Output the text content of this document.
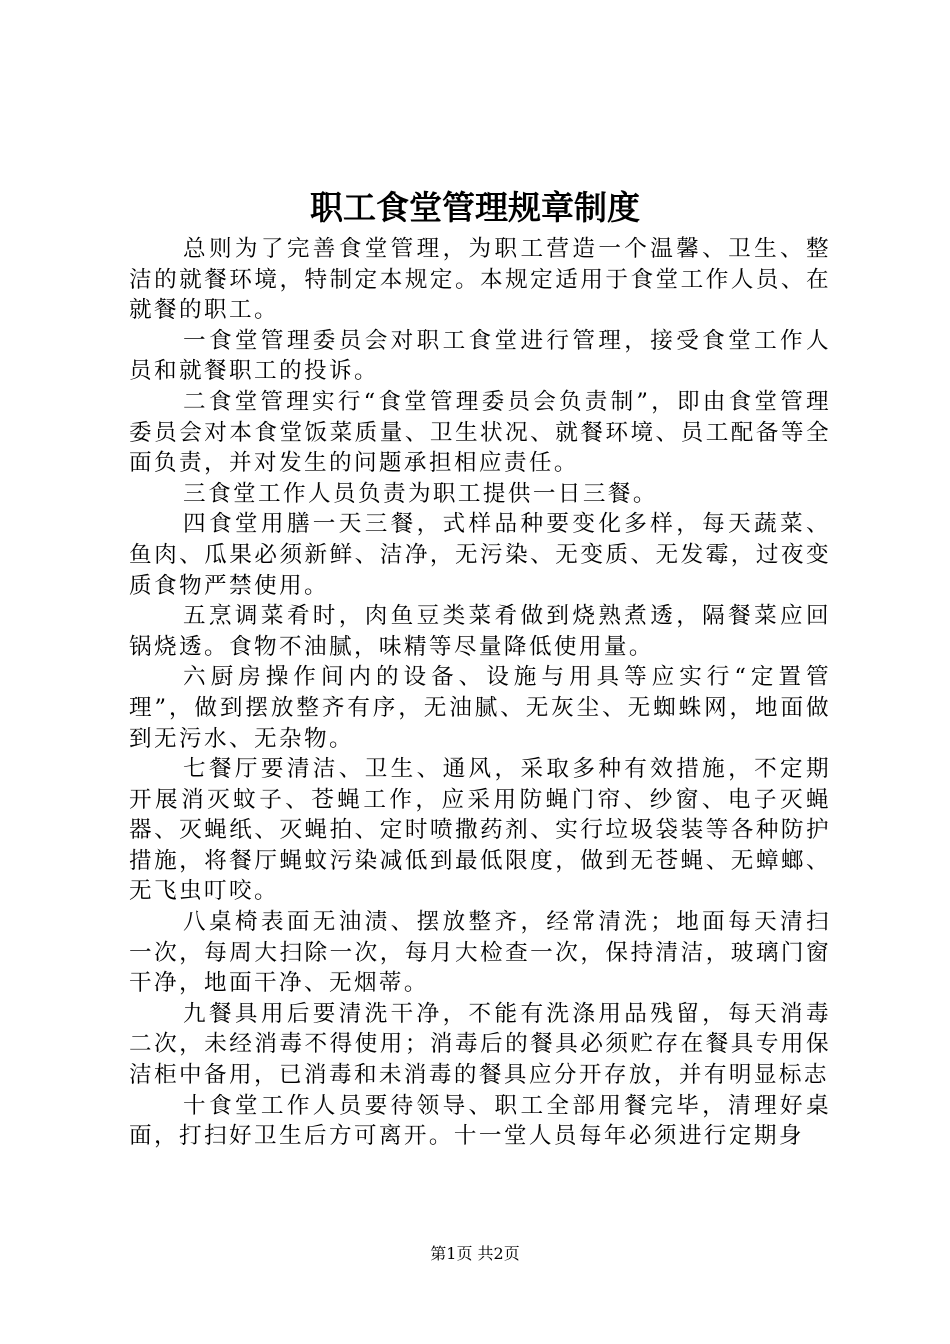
职工食堂管理规章制度

总则为了完善食堂管理，为职工营造一个温馨、卫生、整洁的就餐环境，特制定本规定。本规定适用于食堂工作人员、在就餐的职工。

一食堂管理委员会对职工食堂进行管理，接受食堂工作人员和就餐职工的投诉。

二食堂管理实行“食堂管理委员会负责制”，即由食堂管理委员会对本食堂饭菜质量、卫生状况、就餐环境、员工配备等全面负责，并对发生的问题承担相应责任。

三食堂工作人员负责为职工提供一日三餐。

四食堂用膳一天三餐，式样品种要变化多样，每天蔬菜、鱼肉、瓜果必须新鲜、洁净，无污染、无变质、无发霉，过夜变质食物严禁使用。

五烹调菜肴时，肉鱼豆类菜肴做到烧熟煮透，隔餐菜应回锅烧透。食物不油腻，味精等尽量降低使用量。

六厨房操作间内的设备、设施与用具等应实行“定置管理”，做到摆放整齐有序，无油腻、无灰尘、无蜘蛛网，地面做到无污水、无杂物。

七餐厅要清洁、卫生、通风，采取多种有效措施，不定期开展消灭蚊子、苍蝇工作，应采用防蝇门帘、纱窗、电子灭蝇器、灭蝇纸、灭蝇拍、定时喷撒药剂、实行垃圾袋装等各种防护措施，将餐厅蝇蚊污染减低到最低限度，做到无苍蝇、无蟑螂、无飞虫叮咬。

八桌椅表面无油渍、摆放整齐，经常清洗；地面每天清扫一次，每周大扫除一次，每月大检查一次，保持清洁，玻璃门窗干净，地面干净、无烟蒂。

九餐具用后要清洗干净，不能有洗涤用品残留，每天消毒二次，未经消毒不得使用；消毒后的餐具必须贮存在餐具专用保洁柜中备用，已消毒和未消毒的餐具应分开存放，并有明显标志

十食堂工作人员要待领导、职工全部用餐完毕，清理好桌面，打扫好卫生后方可离开。十一堂人员每年必须进行定期身

第1页 共2页
